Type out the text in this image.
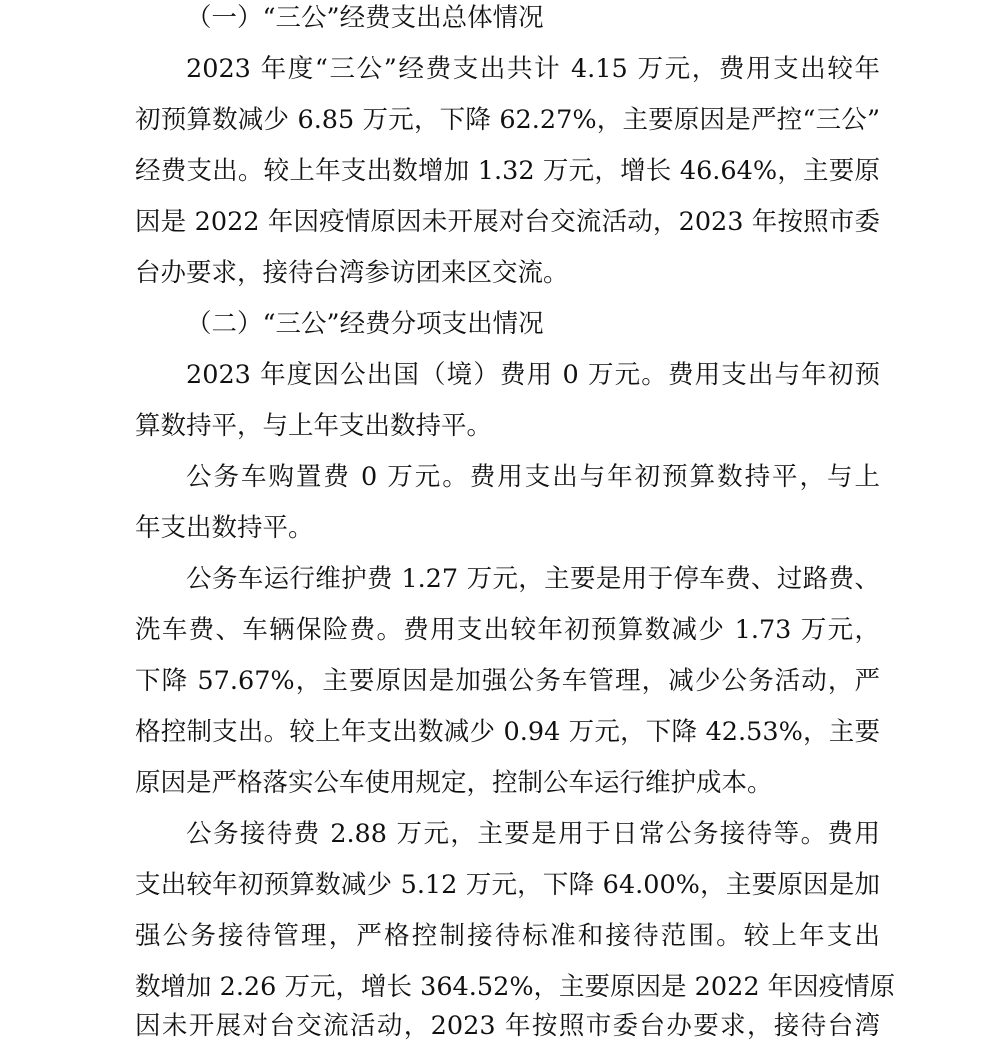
（一）“三公”经费支出总体情况
2023 年度“三公”经费支出共计 4.15 万元，费用支出较年
初预算数减少 6.85 万元，下降 62.27%，主要原因是严控“三公”
经费支出。较上年支出数增加 1.32 万元，增长 46.64%，主要原
因是 2022 年因疫情原因未开展对台交流活动，2023 年按照市委
台办要求，接待台湾参访团来区交流。
（二）“三公”经费分项支出情况
2023 年度因公出国（境）费用 0 万元。费用支出与年初预
算数持平，与上年支出数持平。
公务车购置费 0 万元。费用支出与年初预算数持平，与上
年支出数持平。
公务车运行维护费 1.27 万元，主要是用于停车费、过路费、
洗车费、车辆保险费。费用支出较年初预算数减少 1.73 万元，
下降 57.67%，主要原因是加强公务车管理，减少公务活动，严
格控制支出。较上年支出数减少 0.94 万元，下降 42.53%，主要
原因是严格落实公车使用规定，控制公车运行维护成本。
公务接待费 2.88 万元，主要是用于日常公务接待等。费用
支出较年初预算数减少 5.12 万元，下降 64.00%，主要原因是加
强公务接待管理，严格控制接待标准和接待范围。较上年支出
数增加 2.26 万元，增长 364.52%，主要原因是 2022 年因疫情原
因未开展对台交流活动，2023 年按照市委台办要求，接待台湾
